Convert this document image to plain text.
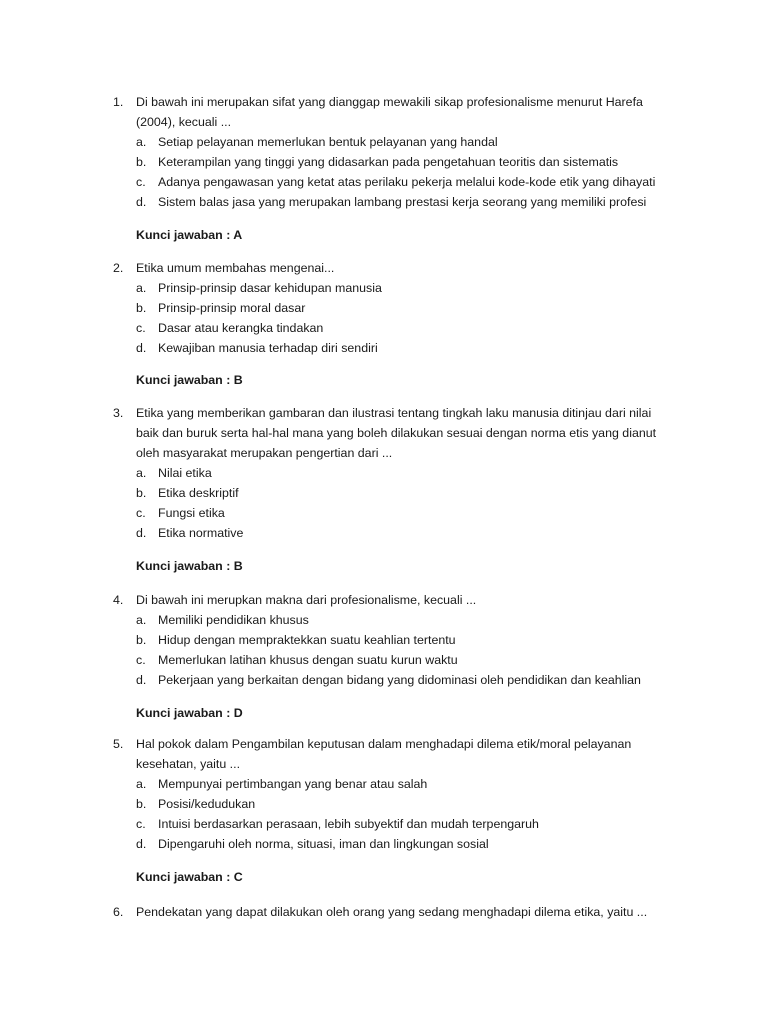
1. Di bawah ini merupakan sifat yang dianggap mewakili sikap profesionalisme menurut Harefa
(2004), kecuali ...
a. Setiap pelayanan memerlukan bentuk pelayanan yang handal
b. Keterampilan yang tinggi yang didasarkan pada pengetahuan teoritis dan sistematis
c. Adanya pengawasan yang ketat atas perilaku pekerja melalui kode-kode etik yang dihayati
d. Sistem balas jasa yang merupakan lambang prestasi kerja seorang yang memiliki profesi
Kunci jawaban : A
2. Etika umum membahas mengenai...
a. Prinsip-prinsip dasar kehidupan manusia
b. Prinsip-prinsip moral dasar
c. Dasar atau kerangka tindakan
d. Kewajiban manusia terhadap diri sendiri
Kunci jawaban : B
3. Etika yang memberikan gambaran dan ilustrasi tentang tingkah laku manusia ditinjau dari nilai
baik dan buruk serta hal-hal mana yang boleh dilakukan sesuai dengan norma etis yang dianut
oleh masyarakat merupakan pengertian dari ...
a. Nilai etika
b. Etika deskriptif
c. Fungsi etika
d. Etika normative
Kunci jawaban : B
4. Di bawah ini merupkan makna dari profesionalisme, kecuali ...
a. Memiliki pendidikan khusus
b. Hidup dengan mempraktekkan suatu keahlian tertentu
c. Memerlukan latihan khusus dengan suatu kurun waktu
d. Pekerjaan yang berkaitan dengan bidang yang didominasi oleh pendidikan dan keahlian
Kunci jawaban : D
5. Hal pokok dalam Pengambilan keputusan dalam menghadapi dilema etik/moral pelayanan
kesehatan, yaitu ...
a. Mempunyai pertimbangan yang benar atau salah
b. Posisi/kedudukan
c. Intuisi berdasarkan perasaan, lebih subyektif dan mudah terpengaruh
d. Dipengaruhi oleh norma, situasi, iman dan lingkungan sosial
Kunci jawaban : C
6. Pendekatan yang dapat dilakukan oleh orang yang sedang menghadapi dilema etika, yaitu ...
